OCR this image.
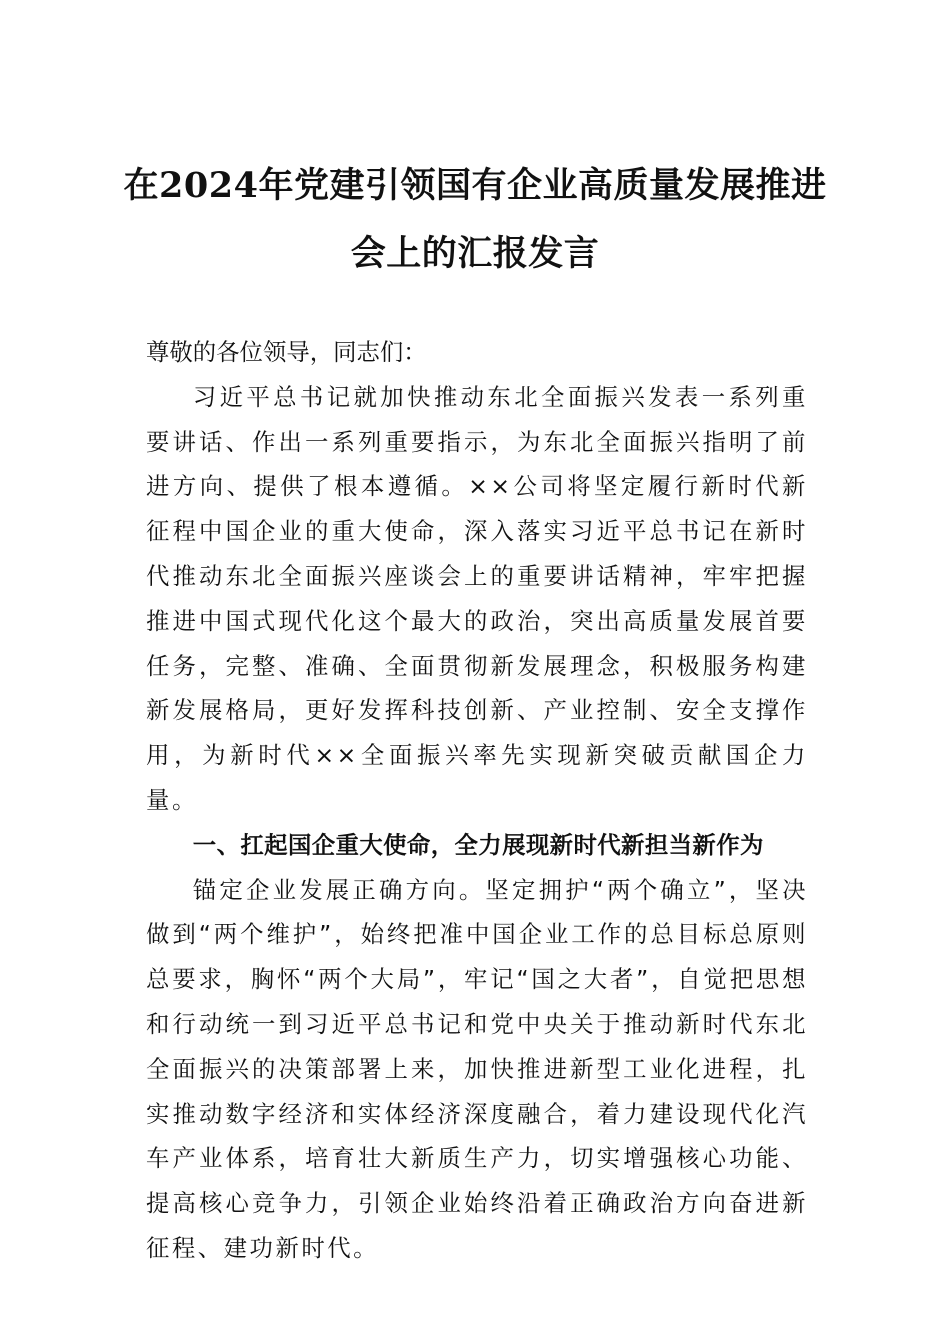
在2024年党建引领国有企业高质量发展推进会上的汇报发言

尊敬的各位领导，同志们：

习近平总书记就加快推动东北全面振兴发表一系列重要讲话、作出一系列重要指示，为东北全面振兴指明了前进方向、提供了根本遵循。××公司将坚定履行新时代新征程中国企业的重大使命，深入落实习近平总书记在新时代推动东北全面振兴座谈会上的重要讲话精神，牢牢把握推进中国式现代化这个最大的政治，突出高质量发展首要任务，完整、准确、全面贯彻新发展理念，积极服务构建新发展格局，更好发挥科技创新、产业控制、安全支撑作用，为新时代××全面振兴率先实现新突破贡献国企力量。

一、扛起国企重大使命，全力展现新时代新担当新作为

锚定企业发展正确方向。坚定拥护“两个确立”，坚决做到“两个维护”，始终把准中国企业工作的总目标总原则总要求，胸怀“两个大局”，牢记“国之大者”，自觉把思想和行动统一到习近平总书记和党中央关于推动新时代东北全面振兴的决策部署上来，加快推进新型工业化进程，扎实推动数字经济和实体经济深度融合，着力建设现代化汽车产业体系，培育壮大新质生产力，切实增强核心功能、提高核心竞争力，引领企业始终沿着正确政治方向奋进新征程、建功新时代。
